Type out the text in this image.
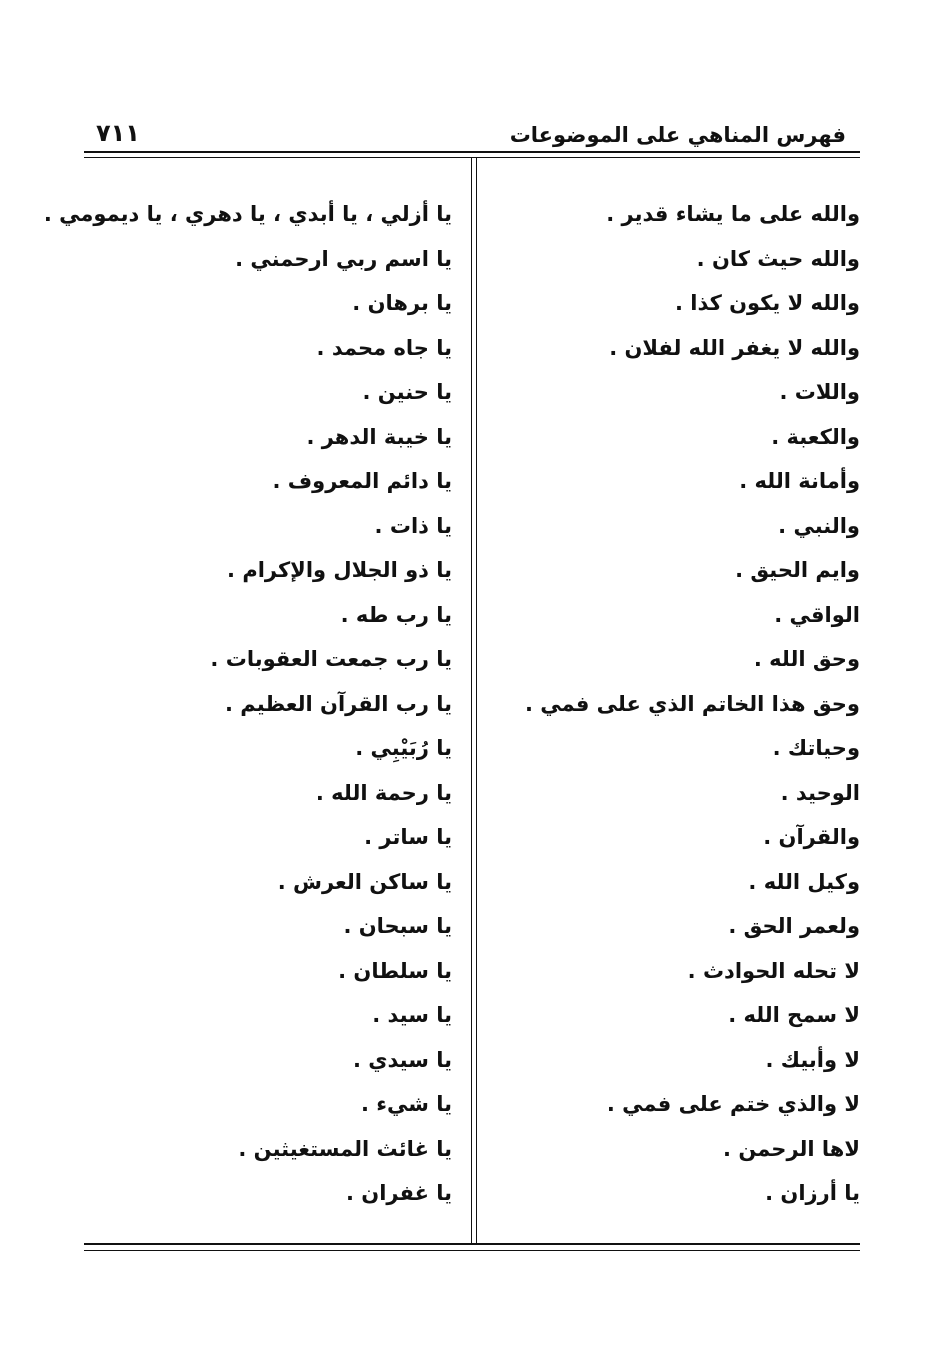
فهرس المناهي على الموضوعات
٧١١
والله على ما يشاء قدير .
والله حيث كان .
والله لا يكون كذا .
والله لا يغفر الله لفلان .
واللات .
والكعبة .
وأمانة الله .
والنبي .
وايم الحيق .
الواقي .
وحق الله .
وحق هذا الخاتم الذي على فمي .
وحياتك .
الوحيد .
والقرآن .
وكيل الله .
ولعمر الحق .
لا تحله الحوادث .
لا سمح الله .
لا وأبيك .
لا والذي ختم على فمي .
لاها الرحمن .
يا أرزان .
يا أزلي ، يا أبدي ، يا دهري ، يا ديمومي .
يا اسم ربي ارحمني .
يا برهان .
يا جاه محمد .
يا حنين .
يا خيبة الدهر .
يا دائم المعروف .
يا ذات .
يا ذو الجلال والإكرام .
يا رب طه .
يا رب جمعت العقوبات .
يا رب القرآن العظيم .
يا رُبَيْبِي .
يا رحمة الله .
يا ساتر .
يا ساكن العرش .
يا سبحان .
يا سلطان .
يا سيد .
يا سيدي .
يا شيء .
يا غائث المستغيثين .
يا غفران .
